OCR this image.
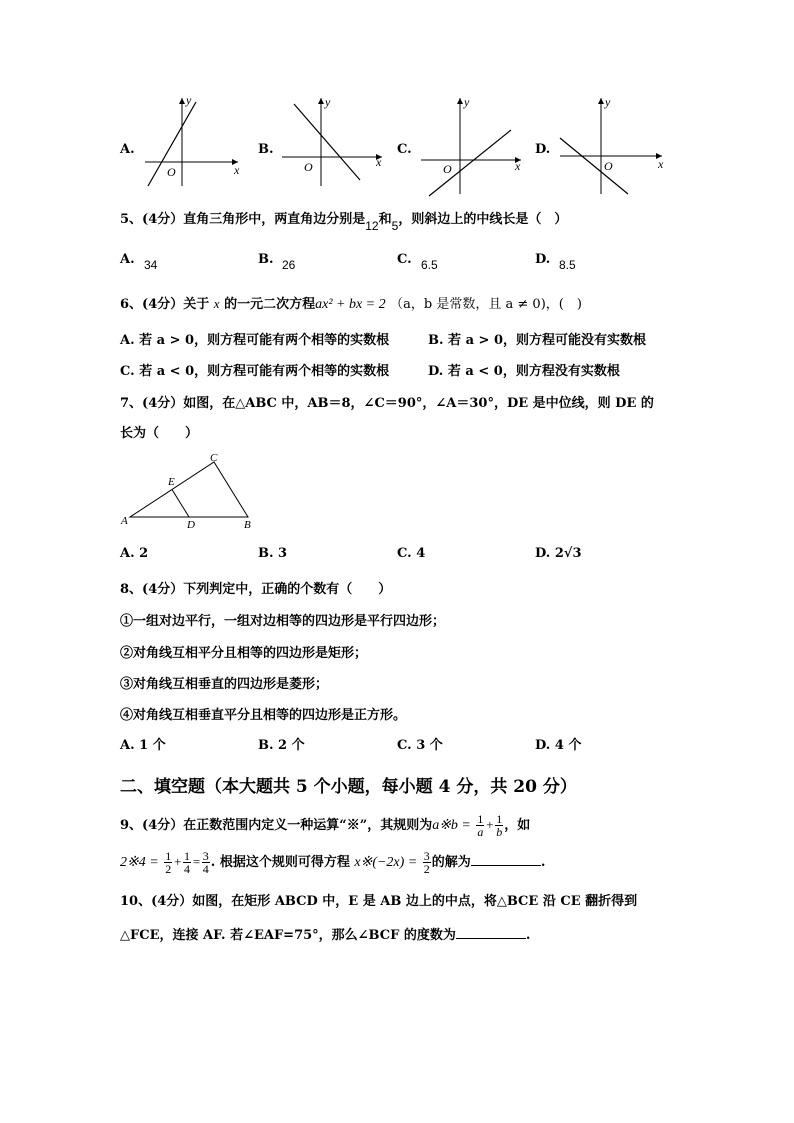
A.
y
x
O
B.
y
x
O
C.
y
x
O
D.
y
x
O
5、(4分）直角三角形中，两直角边分别是12和5，则斜边上的中线长是（　）
A. 34	B. 26	C. 6.5	D. 8.5
6、(4分）关于 x 的一元二次方程ax² + bx = 2 （a，b 是常数，且 a ≠ 0)，(　)
A. 若 a > 0，则方程可能有两个相等的实数根	B. 若 a > 0，则方程可能没有实数根
C. 若 a < 0，则方程可能有两个相等的实数根	D. 若 a < 0，则方程没有实数根
7、(4分）如图，在△ABC 中，AB＝8，∠C＝90°，∠A＝30°，DE 是中位线，则 DE 的
长为（　　）
A	B
C
D
E
A. 2	B. 3	C. 4	D. 2√3
8、(4分）下列判定中，正确的个数有（　　）
①一组对边平行，一组对边相等的四边形是平行四边形；
②对角线互相平分且相等的四边形是矩形；
③对角线互相垂直的四边形是菱形；
④对角线互相垂直平分且相等的四边形是正方形。
A. 1 个	B. 2 个	C. 3 个	D. 4 个
二、填空题（本大题共 5 个小题，每小题 4 分，共 20 分）
9、(4分）在正数范围内定义一种运算“※”，其规则为a※b = $\frac{1}{a} + \frac{1}{b}$ ，如
2※4 = $\frac{1}{2} + \frac{1}{4} = \frac{3}{4}$ . 根据这个规则可得方程 x※(−2x) = $\frac{3}{2}$ 的解为	.
10、(4分）如图，在矩形 ABCD 中，E 是 AB 边上的中点，将△BCE 沿 CE 翻折得到
△FCE，连接 AF. 若∠EAF=75°，那么∠BCF 的度数为	.
